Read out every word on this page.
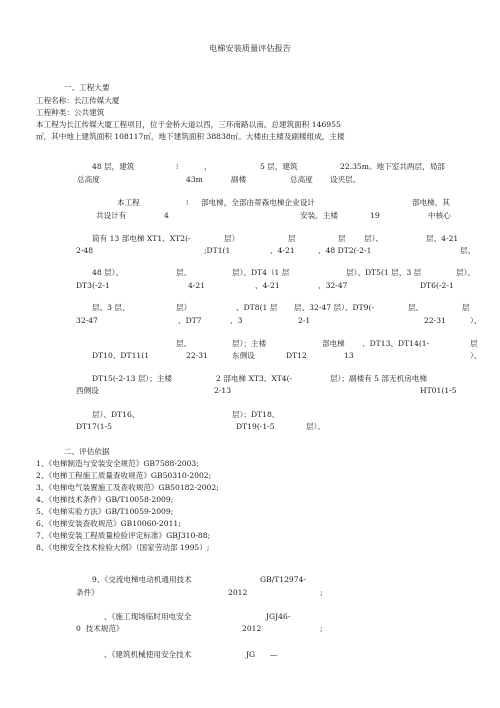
电梯安装质量评估报告
一、工程大要
工程名称：长江传媒大厦
工程种类：公共建筑
本工程为长江传媒大厦工程项目，位于金桥大道以西，三环南路以南。总建筑面积 146955
㎡，其中地上建筑面积 108117㎡，地下建筑面积 38838㎡。大楼由主楼及副楼组成，主楼
48 层，建筑	⁝	，	5 层，建筑	22.35m。地下室共两层，局部
总高度	43m	副楼	总高度 设夹层。
本工程	⁝ 部电梯，全部由蒂森电梯企业设计	部电梯，其
共设计有	4	安装。主楼	19	中核心
筒有 13 部电梯 XT1、XT2(-	层）	层	层 层）、	层、4-21
2-48	;DT1(1	、4-21	、48 DT2(-2-1	层、
48 层）、	层、	层）、DT4（1 层	层）、DT5(1 层、3 层	层）、
DT3(-2-1	4-21	、4-21	、32-47	DT6(-2-1
层、3 层、	层）	、DT8(1 层 层、32-47 层）、DT9(-	层、	层
32-47	、DT7	、3	2-1	22-31	）、
层、	层）；主楼	部电梯 、DT13、DT14(1-	层
DT10、DT11(1	22-31	东侧设	DT12	13	）、
DT15(-2-13 层）；主楼	2 部电梯 XT3、XT4(-	层）；副楼有 5 部无机房电梯
西侧设	2-13	HT01(1-5
层）、DT16、	层）；DT18、
DT17(1-5	DT19(-1-5	层）。
二、评估依据
1、《电梯制造与安装安全规范》GB7588-2003;
2、《电梯工程施工质量查收规范》GB50310-2002;
3、《电梯电气装置施工及查收规范》GB50182-2002;
4、《电梯技术条件》GB/T10058-2009;
5、《电梯实验方法》GB/T10059-2009;
6、《电梯安装查收规范》GB10060-2011;
7、《电梯安装工程质量检验评定标准》GBJ310-88;
8、《电梯安全技术检验大纲》（国家劳动部 1995）;
9、《交流电梯电动机通用技术	GB/T12974-
条件》	2012	;
、《施工现场临时用电安全	JGJ46-
0  技术规范》	2012	;
、《建筑机械使用安全技术	JG —
